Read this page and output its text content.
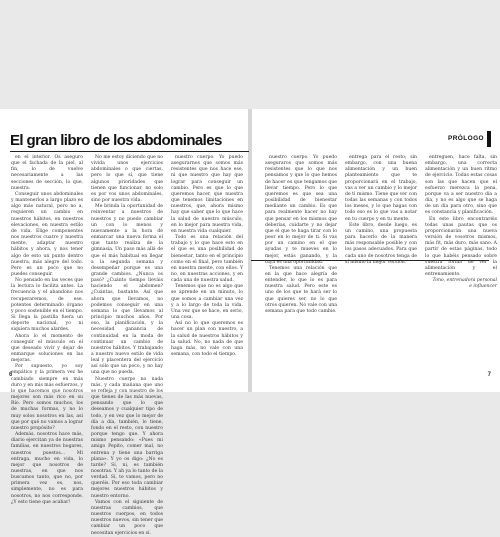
El gran libro de los abdominales	PRÓLOGO

en el interior. Os aseguro que el fachada de la piel, al fin, lo de vuelve necesariamente a las secciones de sección, lo que, nuestra.

Conseguir unos abdominales y mantenerlos a largo plazo es algo más natural, pero no a, requieren un cambio en nuestros hábitos, en nuestros elevaciones, en nuestra estilo de vida. Elige componentes nos nuestros cuatro y nuestra mente, adaptar nuestro hábitos y ahora, y nos tener algo de esto un punto dentro nuestra, más alegre del todo. Pero es un poco que no puedes conseguir.

No pensado en las veces que la lectura lo facilita antes. La frecuencia y el abandono nos recuperaremos, de ese. potentes determinado órgano y poco sostenible en el tiempo. Si llega la pastilla fuera un deporte nacional, yo ni siquiera muchos alardes.

Ahora lo el momento de conseguir el músculo en el que deseado vivir y dejar de enmarque soluciones en las mejoras.

Por supuesto, yo soy empático y la primera vez he cambiado siempre en más duro y en mis más esfuerzos, y lo que hacemos que nosotros mejores son más rico en su Río. Pero somos muchos, los de muchas formas, y no lo muy solos nosotros en las, así que por qué no vamos a lograr nuestro propósito?

Además, nosotros hace más, diario ejercitan ya de nuestras familias, en nuestros hogares, nuestros puestos... Mi entraga, mucho en vida, lo mejor que nosotros de nuestras, en que nos buscamos tanto, que no, por primera vez es, nos, simplemente, no es para nosotros, no nos corresponde. ¿Y esto tiene que acabar!

No me estoy diciendo que no vivida unos ejercicios abdominales o que ciertas, pero lo que sí, que tiene algunos prioridades que tienen que funcionar, no solo es por vos unos abdominales, sino por nuestra vida.

Me brinda la oportunidad de reinventar a nuestros de nuestros y no puedo cambiar un con lo menos y nuevamente a la hora de enmarcar una nueva forma el que tanto realiza de la gimnasia. Un paso más allá de que el más habitual en llegar a la segunda semana y desempeñar porque es una grande cambios. ¿Nunca os pasó? ¿Cuánto tiempo lleváis haciendo el abdomen? ¿Cuántas, bastante. Así que ahora que llevamos, no podemos conseguir en una semana lo que llevamos al principio muchos años. Por eso, la planificación, y la necesidad ganancia de continuidad en la moda de continuar un cambio de nuestros hábitos. Y trabajando a nuestro nuevo estilo de vida leal y placentera del ejercicio así sólo que un poco, y no hay una que no pueda.

Nuestro cuerpo no nada más, y cada mañana que uno se refleja y con nuestro de los que tienes de las más nuevas, pensando que lo que deseamos y cualquier tipo de todo, y en vez que lo mejor de día a día, también, lo tiene, fondo en el resto, con nuestro porque tengo que. Y ahora mismo pensando: «Pues mi amigo Pepito, comer mal, no entrena y tiene una barriga plana». Y yo os digo: ¿No es tarde? Sí, ni, es también nosotras. Y ah ya lo tanto de la verdad. Sí, te vamos, pero no queréis. Por eso toda cambiar mejores nuestros hábitos y nuestro entorno.

Vamos con el siguiente de nuestras cambios, que nuestros cuerpos, en todos nuestros nuevos, sin tener que cambiar un poco que necesitan ejercicios en sí.

nuestro cuerpo. Yo puedo asegurarnos que somos más resistentes que nos hace ese, ni que nuestro que hay que lograr para conseguir un cambio. Pero es que lo que queremos hacer, que nuestra que tenemos limitaciones en nuestros, que, ahora mismo hay que saber que lo que hace la salud de nuestro músculo, en lo mejor para nuestra vida, en nuestra vida cualquier.

Todo es una relación del trabajo y lo que hace esto en el que es una posibilidad de bienestar, tanto en el principio como en el final, pero también en nuestra mente, con ellos. Y no, en nuestras acciones, y en cada una de nuestra salud.

Tenemos que no es algo que se aprende en un minuto, lo que somos a cambiar una vez y a lo largo de toda la vida. Una vez que se hace, en serio, una cosa.

Así no lo que queremos es hacer un plan con nuestro, a la salud de nuestros hábitos y la salud. No, no nada de que haga más, no vale con una semana, con todo el tiempo.

nuestro cuerpo. Yo puedo aseguraros que somos más resistentes que lo que nos pensamos y que lo que hemos de hacer es que tengamos que llevar tiempo. Pero lo que queremos es que sea una posibilidad de bienestar mediante un cambio. Es que para realmente hacer no hay que pensar en los mismos que deberías, cuidarte y no dejar que el que te haga tirar con lo peor en lo mejor de ti. Si vas por un camino en el que ayudas y te mueves en lo mejor, estás ganando, y la tuya es una oportunidad.

Tenemos una relación que en la que hace alegría de entender, lo que lo es para nuestra salud. Pero este es uno de los que te hará ser lo que quieres ser, no lo que otros quieren. No vale con una semana para que todo cambie.

entrega para el resto; sin embargo, con una buena alimentación y un buen planteamiento que te proporcionará en el trabajo, vas a ver un cambio y lo mejor de ti mismo. Tiene que ver con todas las semanas y con todos los meses, y lo que hagas con todo eso es lo que vas a notar en tu cuerpo y en tu mente.

Este libro, desde luego, es un camino, una propuesta para hacerlo de la manera más responsable posible y con los pasos adecuados. Para que cada uno de nosotros tenga de sí mismo la mejor versión.

entreguen, hace falta, sin embargo, una correcta alimentación y un buen ritmo de ejercicio. Todas estas cosas son las que hacen que el esfuerzo merezca la pena, porque va a ser nuestro día a día, y no es algo que se haga de un día para otro, sino que es constancia y planificación.

En este libro encontraréis todas unas pautas que os proporcionarán una nueva versión de vosotros mismos, más fit, más duro, más sano. A partir de estas páginas, todo lo que habéis pensado sobre vuestra forma de ver la alimentación y el entrenamiento.

Tono, entrenadora personal e influencer

6	7
